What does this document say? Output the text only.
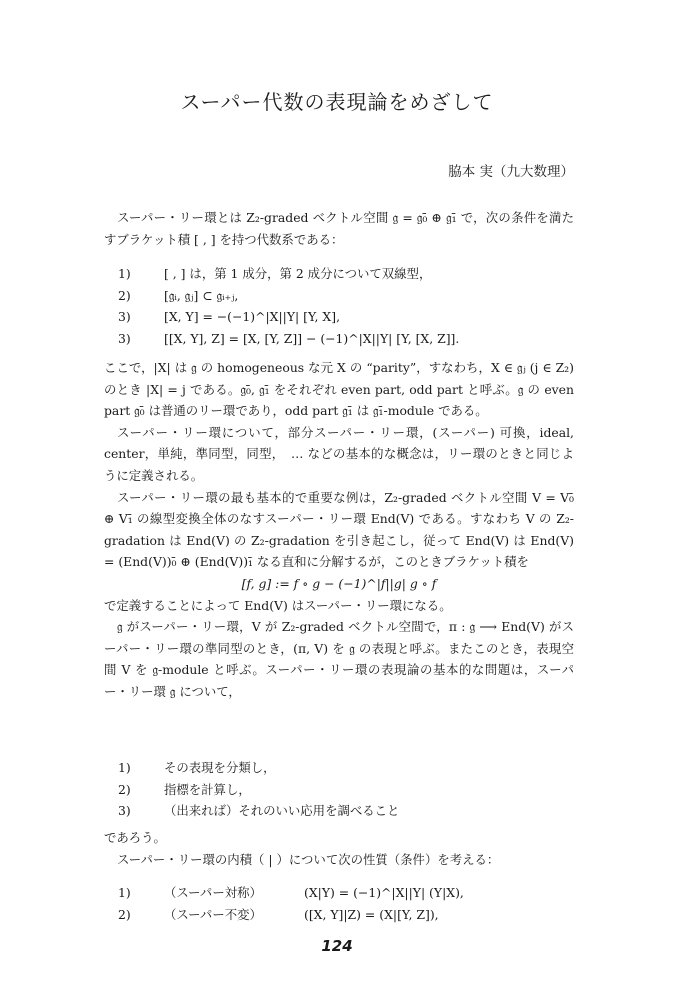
スーパー代数の表現論をめざして
脇本 実（九大数理）

スーパー・リー環とは Z₂-graded ベクトル空間 𝔤 = 𝔤₀̄ ⊕ 𝔤₁̄ で，次の条件を満たすブラケット積 [ , ] を持つ代数系である：

1)	[ , ] は，第 1 成分，第 2 成分について双線型，
2)	[𝔤ᵢ, 𝔤ⱼ] ⊂ 𝔤ᵢ₊ⱼ,
3)	[X, Y] = −(−1)^|X||Y| [Y, X],
3)	[[X, Y], Z] = [X, [Y, Z]] − (−1)^|X||Y| [Y, [X, Z]].

ここで，|X| は 𝔤 の homogeneous な元 X の “parity”，すなわち，X ∈ 𝔤ⱼ (j ∈ Z₂) のとき |X| = j である。𝔤₀̄, 𝔤₁̄ をそれぞれ even part, odd part と呼ぶ。𝔤 の even part 𝔤₀̄ は普通のリー環であり，odd part 𝔤₁̄ は 𝔤₁̄-module である。

スーパー・リー環について，部分スーパー・リー環，(スーパー) 可換，ideal, center，単純，準同型，同型，　… などの基本的な概念は，リー環のときと同じように定義される。

スーパー・リー環の最も基本的で重要な例は，Z₂-graded ベクトル空間 V = V₀̄ ⊕ V₁̄ の線型変換全体のなすスーパー・リー環 End(V) である。すなわち V の Z₂-gradation は End(V) の Z₂-gradation を引き起こし，従って End(V) は End(V) = (End(V))₀̄ ⊕ (End(V))₁̄ なる直和に分解するが，このときブラケット積を

[f, g] := f ∘ g − (−1)^|f||g| g ∘ f

で定義することによって End(V) はスーパー・リー環になる。

𝔤 がスーパー・リー環，V が Z₂-graded ベクトル空間で，π : 𝔤 ⟶ End(V) がスーパー・リー環の準同型のとき，(π, V) を 𝔤 の表現と呼ぶ。またこのとき，表現空間 V を 𝔤-module と呼ぶ。スーパー・リー環の表現論の基本的な問題は，スーパー・リー環 𝔤 について，

1)	その表現を分類し，
2)	指標を計算し，
3)	（出来れば）それのいい応用を調べること

であろう。

スーパー・リー環の内積（ | ）について次の性質（条件）を考える：

1)	（スーパー対称）	(X|Y) = (−1)^|X||Y| (Y|X),
2)	（スーパー不変）	([X, Y]|Z) = (X|[Y, Z]),
124
